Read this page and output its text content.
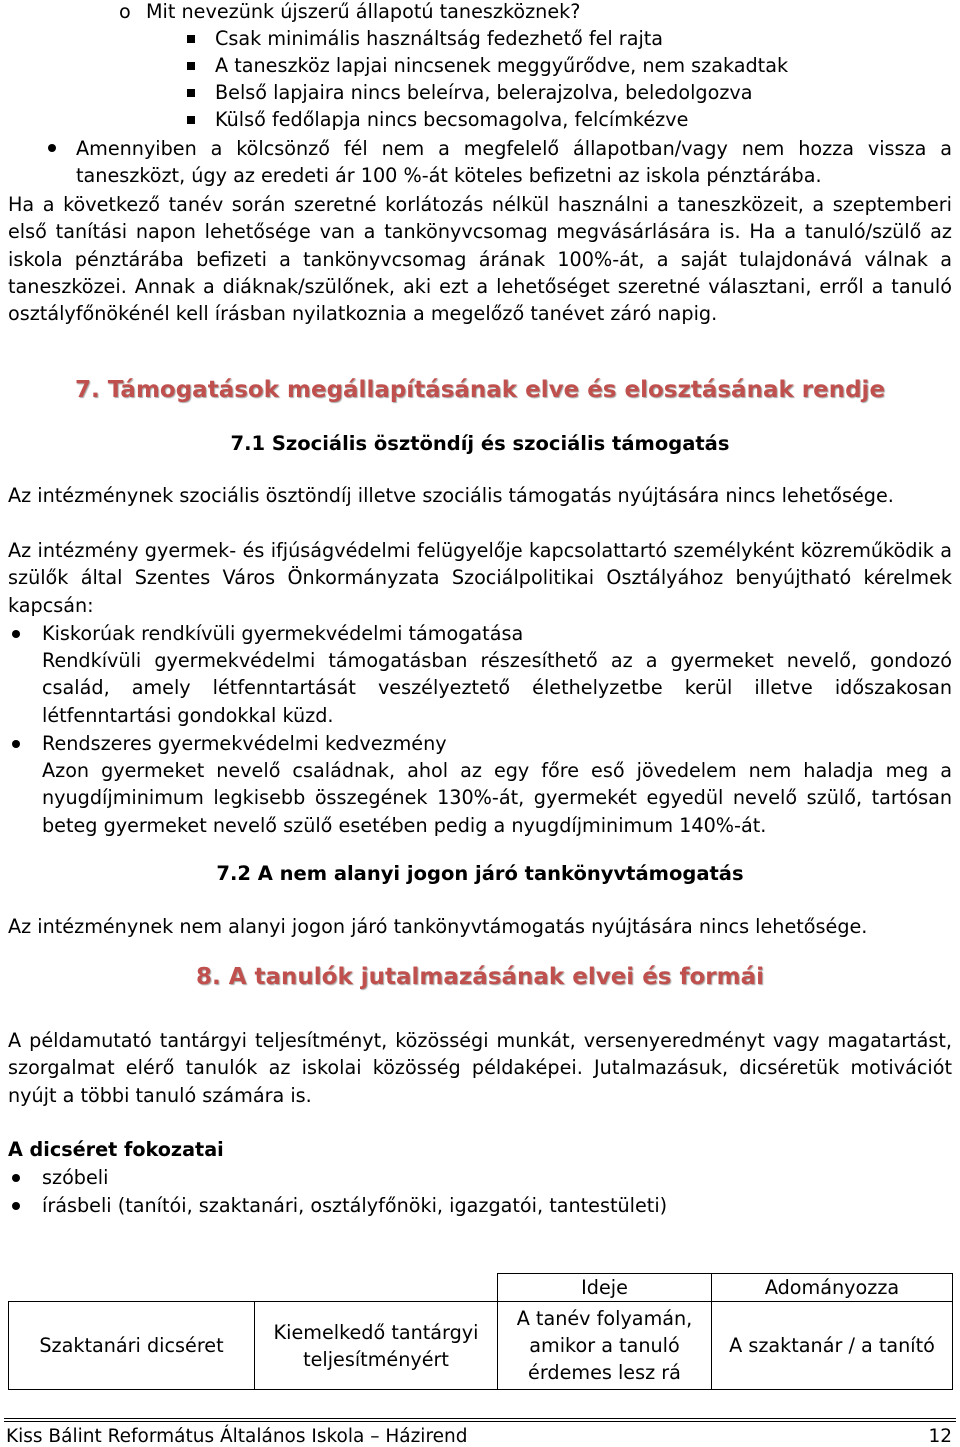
o Mit nevezünk újszerű állapotú taneszköznek?
Csak minimális használtság fedezhető fel rajta
A taneszköz lapjai nincsenek meggyűrődve, nem szakadtak
Belső lapjaira nincs beleírva, belerajzolva, beledolgozva
Külső fedőlapja nincs becsomagolva, felcímkézve
Amennyiben a kölcsönző fél nem a megfelelő állapotban/vagy nem hozza vissza a taneszközt, úgy az eredeti ár 100 %-át köteles befizetni az iskola pénztárába.
Ha a következő tanév során szeretné korlátozás nélkül használni a taneszközeit, a szeptemberi első tanítási napon lehetősége van a tankönyvcsomag megvásárlására is. Ha a tanuló/szülő az iskola pénztárába befizeti a tankönyvcsomag árának 100%-át, a saját tulajdonává válnak a taneszközei. Annak a diáknak/szülőnek, aki ezt a lehetőséget szeretné választani, erről a tanuló osztályfőnökénél kell írásban nyilatkoznia a megelőző tanévet záró napig.
7. Támogatások megállapításának elve és elosztásának rendje
7.1 Szociális ösztöndíj és szociális támogatás
Az intézménynek szociális ösztöndíj illetve szociális támogatás nyújtására nincs lehetősége.
Az intézmény gyermek- és ifjúságvédelmi felügyelője kapcsolattartó személyként közreműködik a szülők által Szentes Város Önkormányzata Szociálpolitikai Osztályához benyújtható kérelmek kapcsán:
Kiskorúak rendkívüli gyermekvédelmi támogatása
Rendkívüli gyermekvédelmi támogatásban részesíthető az a gyermeket nevelő, gondozó család, amely létfenntartását veszélyeztető élethelyzetbe kerül illetve időszakosan létfenntartási gondokkal küzd.
Rendszeres gyermekvédelmi kedvezmény
Azon gyermeket nevelő családnak, ahol az egy főre eső jövedelem nem haladja meg a nyugdíjminimum legkisebb összegének 130%-át, gyermekét egyedül nevelő szülő, tartósan beteg gyermeket nevelő szülő esetében pedig a nyugdíjminimum 140%-át.
7.2 A nem alanyi jogon járó tankönyvtámogatás
Az intézménynek nem alanyi jogon járó tankönyvtámogatás nyújtására nincs lehetősége.
8. A tanulók jutalmazásának elvei és formái
A példamutató tantárgyi teljesítményt, közösségi munkát, versenyeredményt vagy magatartást, szorgalmat elérő tanulók az iskolai közösség példaképei. Jutalmazásuk, dicséretük motivációt nyújt a többi tanuló számára is.
A dicséret fokozatai
szóbeli
írásbeli (tanítói, szaktanári, osztályfőnöki, igazgatói, tantestületi)
		Ideje	Adományozza
Szaktanári dicséret	Kiemelkedő tantárgyi teljesítményért	A tanév folyamán, amikor a tanuló érdemes lesz rá	A szaktanár / a tanító
Kiss Bálint Református Általános Iskola – Házirend	12
